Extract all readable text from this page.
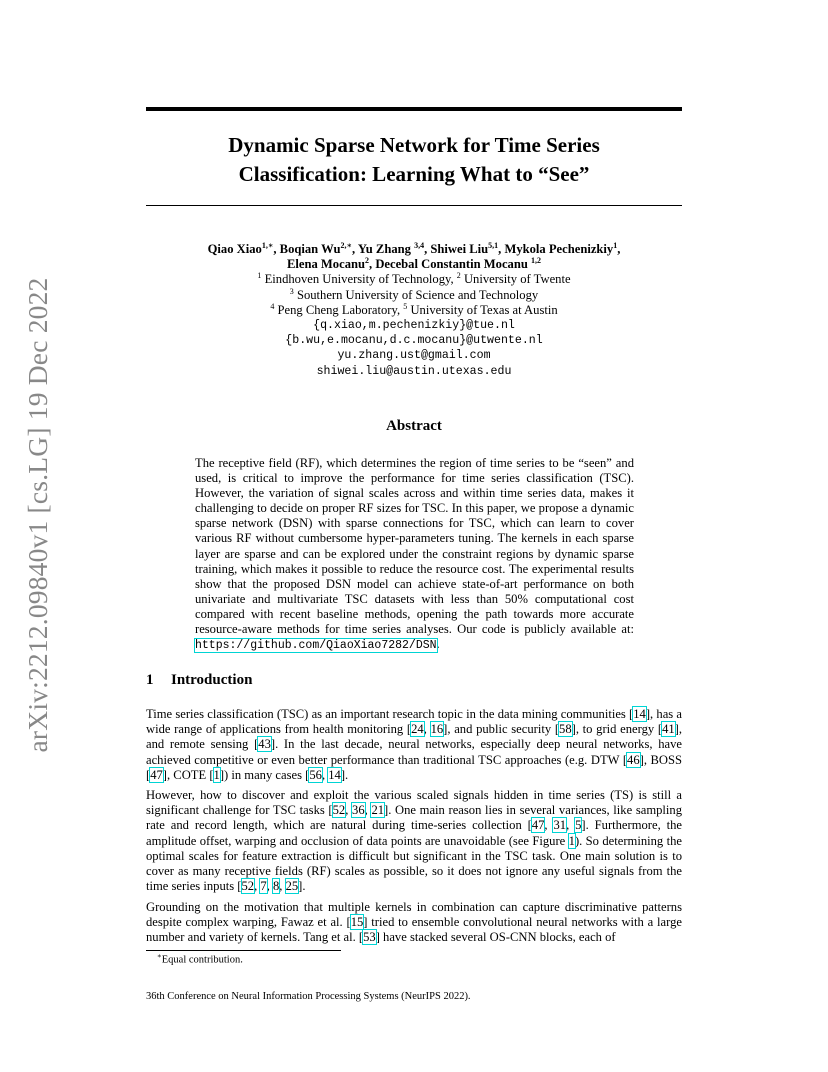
arXiv:2212.09840v1 [cs.LG] 19 Dec 2022
Dynamic Sparse Network for Time Series
Classification: Learning What to “See”
Qiao Xiao$^{1,∗}$, Boqian $Wu^{2,∗}$, Yu Zhang $^{3,4}$, Shiwei Liu$^{5,1}$, Mykola Pechenizkiy$^1$,
Elena Mocanu$^2$, Decebal Constantin Mocanu $^{1,2}$
$^1$ Eindhoven University of Technology, $^2$ University of Twente
$^3$ Southern University of Science and Technology
$^4$ Peng Cheng Laboratory, $^5$ University of Texas at Austin
{q.xiao,m.pechenizkiy}@tue.nl
{b.wu,e.mocanu,d.c.mocanu}@utwente.nl
yu.zhang.ust@gmail.com
shiwei.liu@austin.utexas.edu
Abstract
The receptive field (RF), which determines the region of time series to be “seen” and used, is critical to improve the performance for time series classification (TSC). However, the variation of signal scales across and within time series data, makes it challenging to decide on proper RF sizes for TSC. In this paper, we propose a dynamic sparse network (DSN) with sparse connections for TSC, which can learn to cover various RF without cumbersome hyper-parameters tuning. The kernels in each sparse layer are sparse and can be explored under the constraint regions by dynamic sparse training, which makes it possible to reduce the resource cost. The experimental results show that the proposed DSN model can achieve state-of-art performance on both univariate and multivariate TSC datasets with less than 50% computational cost compared with recent baseline methods, opening the path towards more accurate resource-aware methods for time series analyses. Our code is publicly available at: https://github.com/QiaoXiao7282/DSN.
1 Introduction
Time series classification (TSC) as an important research topic in the data mining communities [14], has a wide range of applications from health monitoring [24, 16], and public security [58], to grid energy [41], and remote sensing [43]. In the last decade, neural networks, especially deep neural networks, have achieved competitive or even better performance than traditional TSC approaches (e.g. DTW [46], BOSS [47], COTE [1]) in many cases [56, 14].
However, how to discover and exploit the various scaled signals hidden in time series (TS) is still a significant challenge for TSC tasks [52, 36, 21]. One main reason lies in several variances, like sampling rate and record length, which are natural during time-series collection [47, 31, 5]. Furthermore, the amplitude offset, warping and occlusion of data points are unavoidable (see Figure 1). So determining the optimal scales for feature extraction is difficult but significant in the TSC task. One main solution is to cover as many receptive fields (RF) scales as possible, so it does not ignore any useful signals from the time series inputs [52, 7, 8, 25].
Grounding on the motivation that multiple kernels in combination can capture discriminative patterns despite complex warping, Fawaz et al. [15] tried to ensemble convolutional neural networks with a large number and variety of kernels. Tang et al. [53] have stacked several OS-CNN blocks, each of
∗Equal contribution.
36th Conference on Neural Information Processing Systems (NeurIPS 2022).
